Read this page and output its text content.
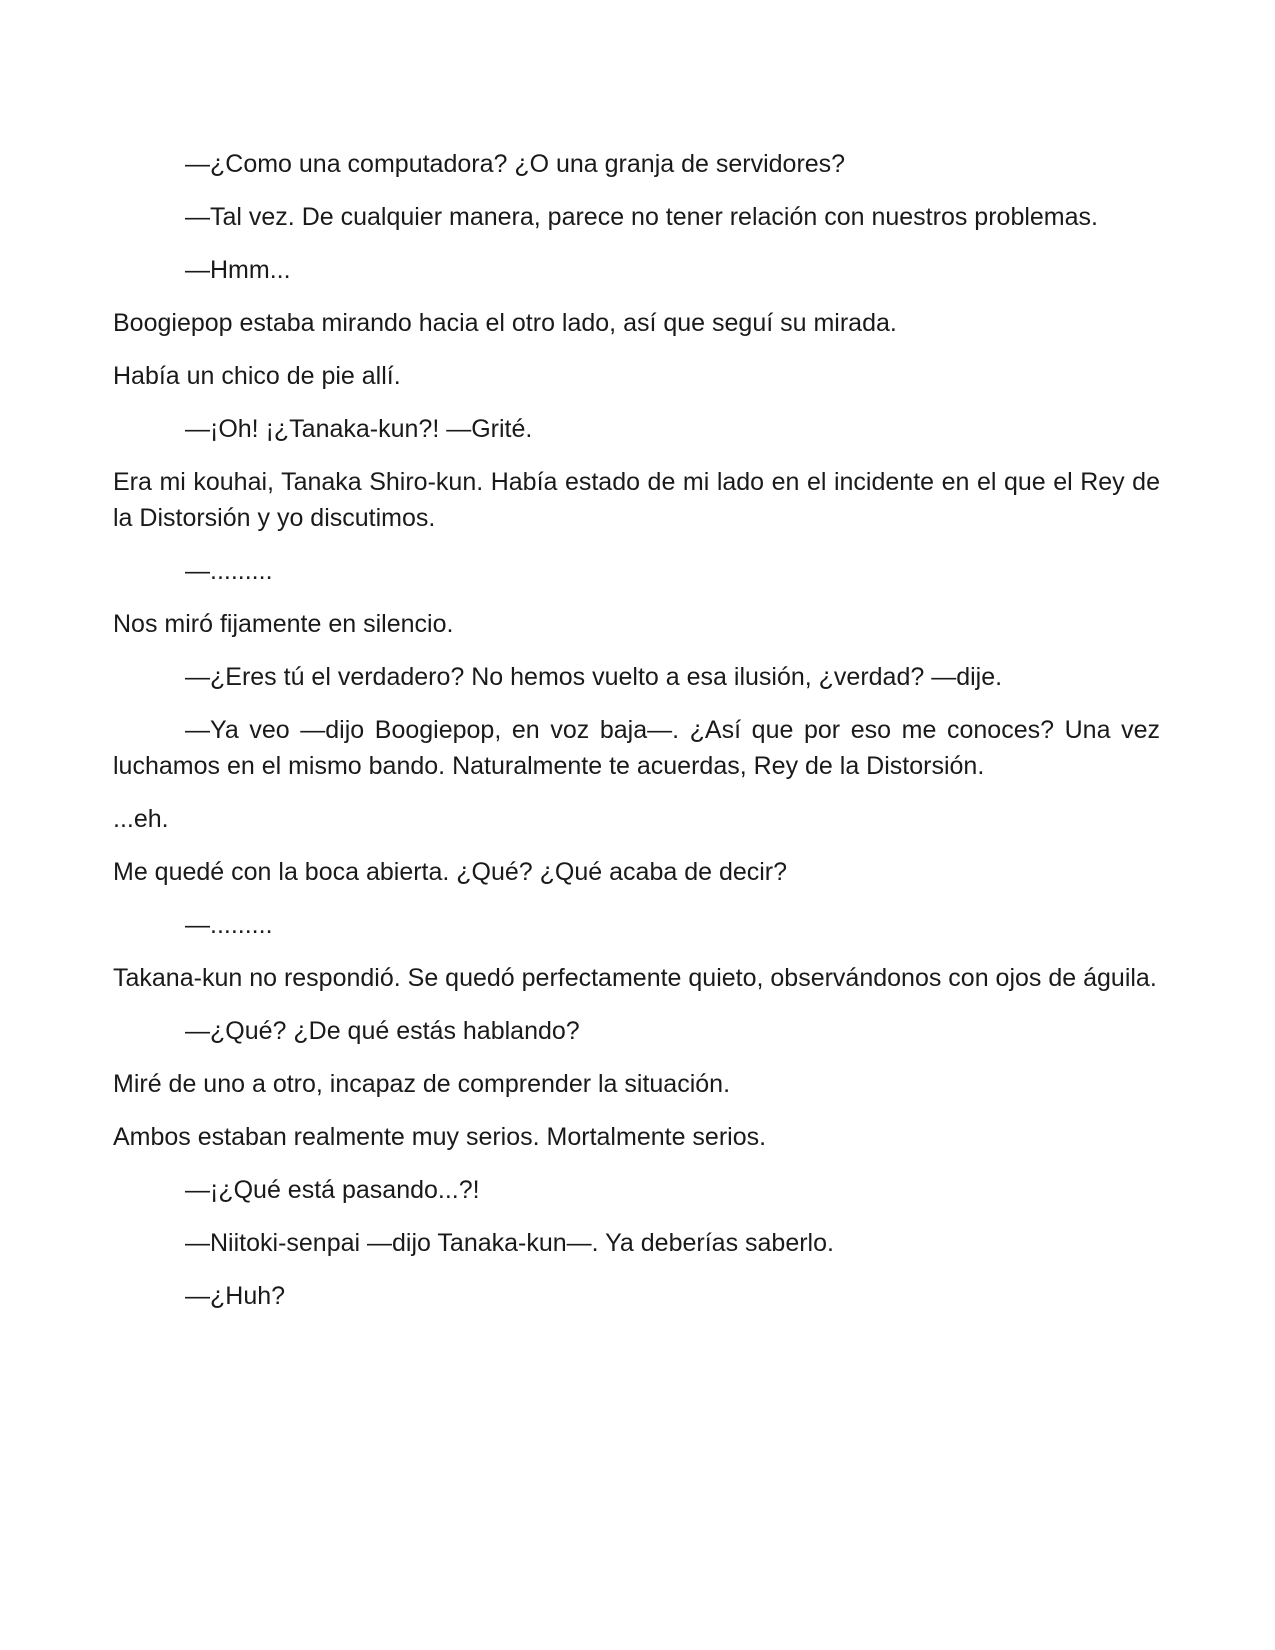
—¿Como una computadora? ¿O una granja de servidores?

—Tal vez. De cualquier manera, parece no tener relación con nuestros problemas.

—Hmm...

Boogiepop estaba mirando hacia el otro lado, así que seguí su mirada.

Había un chico de pie allí.

—¡Oh! ¡¿Tanaka-kun?! —Grité.

Era mi kouhai, Tanaka Shiro-kun. Había estado de mi lado en el incidente en el que el Rey de la Distorsión y yo discutimos.

—.........

Nos miró fijamente en silencio.

—¿Eres tú el verdadero? No hemos vuelto a esa ilusión, ¿verdad? —dije.

—Ya veo —dijo Boogiepop, en voz baja—. ¿Así que por eso me conoces? Una vez luchamos en el mismo bando. Naturalmente te acuerdas, Rey de la Distorsión.

...eh.

Me quedé con la boca abierta. ¿Qué? ¿Qué acaba de decir?

—.........

Takana-kun no respondió. Se quedó perfectamente quieto, observándonos con ojos de águila.

—¿Qué? ¿De qué estás hablando?

Miré de uno a otro, incapaz de comprender la situación.

Ambos estaban realmente muy serios. Mortalmente serios.

—¡¿Qué está pasando...?!

—Niitoki-senpai —dijo Tanaka-kun—. Ya deberías saberlo.

—¿Huh?
